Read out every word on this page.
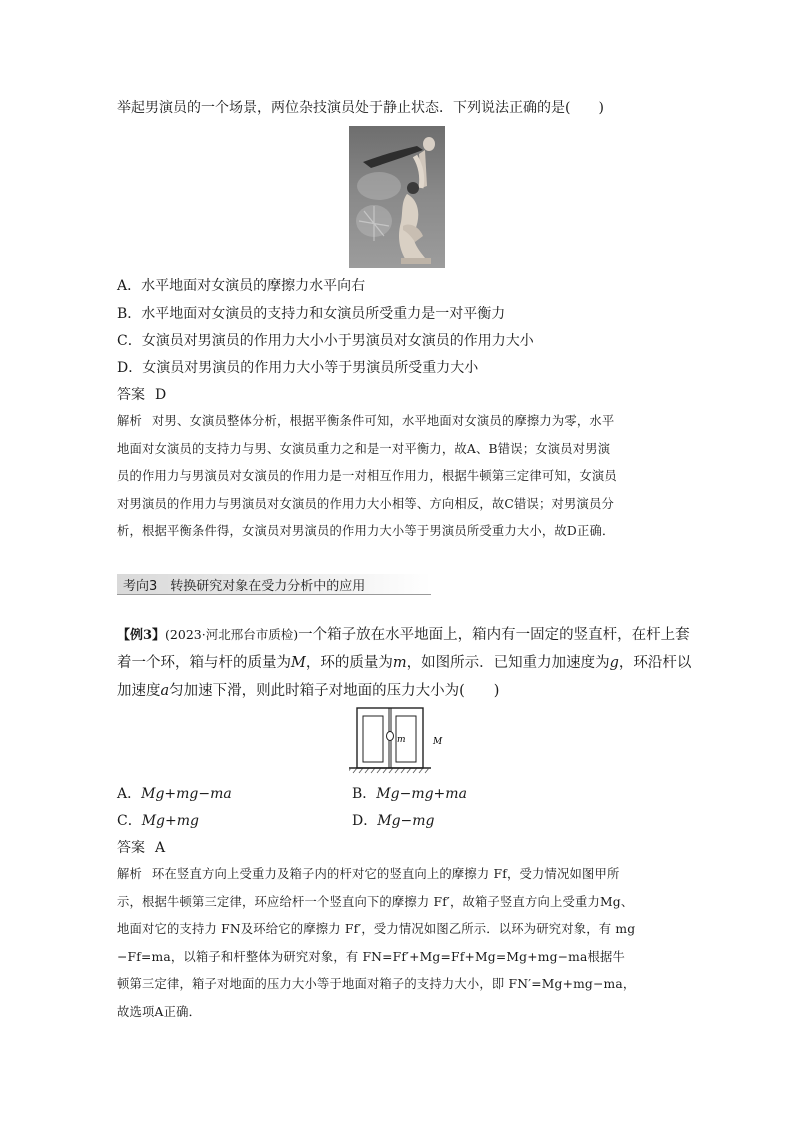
举起男演员的一个场景，两位杂技演员处于静止状态．下列说法正确的是(　　)
A．水平地面对女演员的摩擦力水平向右
B．水平地面对女演员的支持力和女演员所受重力是一对平衡力
C．女演员对男演员的作用力大小小于男演员对女演员的作用力大小
D．女演员对男演员的作用力大小等于男演员所受重力大小
答案 D
解析 对男、女演员整体分析，根据平衡条件可知，水平地面对女演员的摩擦力为零，水平
地面对女演员的支持力与男、女演员重力之和是一对平衡力，故A、B错误；女演员对男演
员的作用力与男演员对女演员的作用力是一对相互作用力，根据牛顿第三定律可知，女演员
对男演员的作用力与男演员对女演员的作用力大小相等、方向相反，故C错误；对男演员分
析，根据平衡条件得，女演员对男演员的作用力大小等于男演员所受重力大小，故D正确．
考向3　转换研究对象在受力分析中的应用
【例3】(2023·河北邢台市质检)一个箱子放在水平地面上，箱内有一固定的竖直杆，在杆上套
着一个环，箱与杆的质量为M，环的质量为m，如图所示．已知重力加速度为g，环沿杆以
加速度a匀加速下滑，则此时箱子对地面的压力大小为(　　)
m	M
A．Mg+mg−ma	B．Mg−mg+ma
C．Mg+mg	D．Mg−mg
答案 A
解析 环在竖直方向上受重力及箱子内的杆对它的竖直向上的摩擦力 Ff，受力情况如图甲所
示，根据牛顿第三定律，环应给杆一个竖直向下的摩擦力 Ff′，故箱子竖直方向上受重力Mg、
地面对它的支持力 FN及环给它的摩擦力 Ff′，受力情况如图乙所示．以环为研究对象，有 mg
−Ff=ma，以箱子和杆整体为研究对象，有 FN=Ff′+Mg=Ff+Mg=Mg+mg−ma根据牛
顿第三定律，箱子对地面的压力大小等于地面对箱子的支持力大小，即 FN′=Mg+mg−ma，
故选项A正确．
